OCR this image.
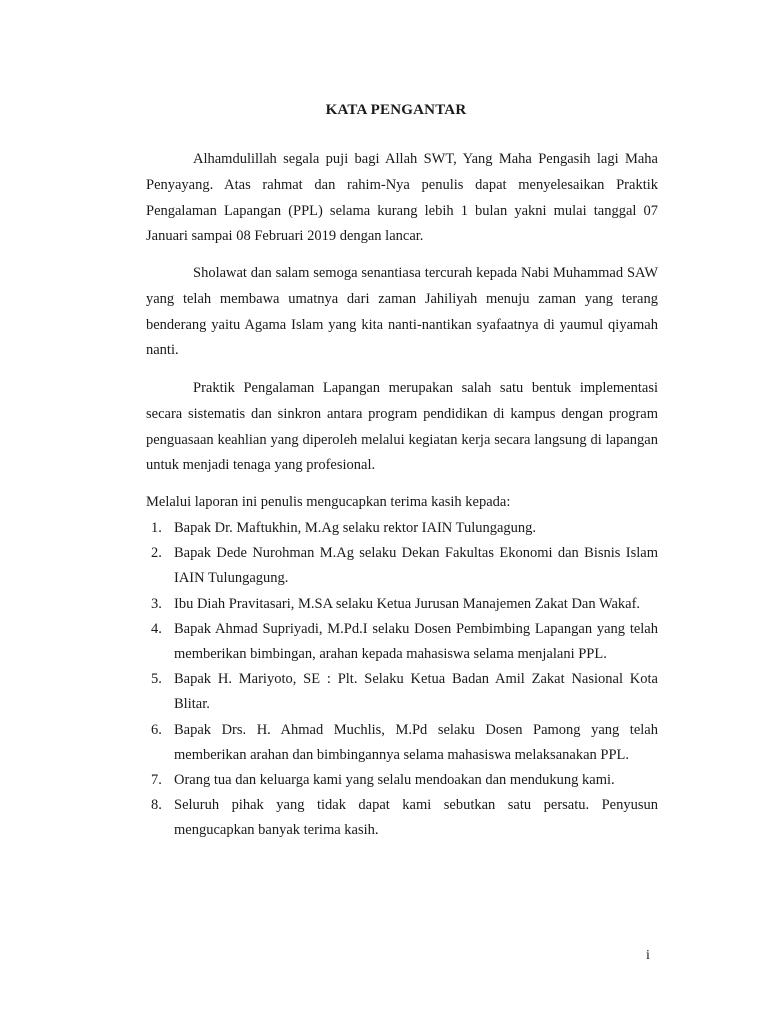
KATA PENGANTAR

Alhamdulillah segala puji bagi Allah SWT, Yang Maha Pengasih lagi Maha Penyayang. Atas rahmat dan rahim-Nya penulis dapat menyelesaikan Praktik Pengalaman Lapangan (PPL) selama kurang lebih 1 bulan yakni mulai tanggal 07 Januari sampai 08 Februari 2019 dengan lancar.

Sholawat dan salam semoga senantiasa tercurah kepada Nabi Muhammad SAW yang telah membawa umatnya dari zaman Jahiliyah menuju zaman yang terang benderang yaitu Agama Islam yang kita nanti-nantikan syafaatnya di yaumul qiyamah nanti.

Praktik Pengalaman Lapangan merupakan salah satu bentuk implementasi secara sistematis dan sinkron antara program pendidikan di kampus dengan program penguasaan keahlian yang diperoleh melalui kegiatan kerja secara langsung di lapangan untuk menjadi tenaga yang profesional.

Melalui laporan ini penulis mengucapkan terima kasih kepada:

1. Bapak Dr. Maftukhin, M.Ag selaku rektor IAIN Tulungagung.
2. Bapak Dede Nurohman M.Ag selaku Dekan Fakultas Ekonomi dan Bisnis Islam IAIN Tulungagung.
3. Ibu Diah Pravitasari, M.SA selaku Ketua Jurusan Manajemen Zakat Dan Wakaf.
4. Bapak Ahmad Supriyadi, M.Pd.I selaku Dosen Pembimbing Lapangan yang telah memberikan bimbingan, arahan kepada mahasiswa selama menjalani PPL.
5. Bapak H. Mariyoto, SE : Plt. Selaku Ketua Badan Amil Zakat Nasional Kota Blitar.
6. Bapak Drs. H. Ahmad Muchlis, M.Pd selaku Dosen Pamong yang telah memberikan arahan dan bimbingannya selama mahasiswa melaksanakan PPL.
7. Orang tua dan keluarga kami yang selalu mendoakan dan mendukung kami.
8. Seluruh pihak yang tidak dapat kami sebutkan satu persatu. Penyusun mengucapkan banyak terima kasih.
i
